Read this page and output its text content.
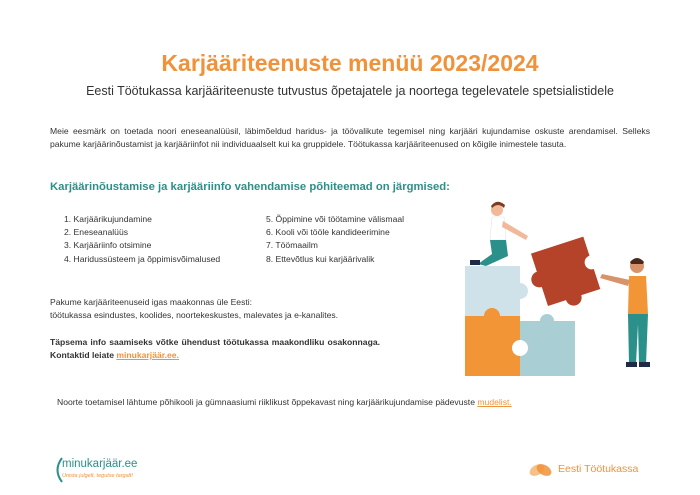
Karjääriteenuste menüü 2023/2024
Eesti Töötukassa karjääriteenuste tutvustus õpetajatele ja noortega tegelevatele spetsialistidele
Meie eesmärk on toetada noori eneseanalüüsil, läbimõeldud haridus- ja töövalikute tegemisel ning karjääri kujundamise oskuste arendamisel. Selleks pakume karjäärinõustamist ja karjääriinfot nii individuaalselt kui ka gruppidele. Töötukassa karjääriteenused on kõigile inimestele tasuta.
Karjäärinõustamise ja karjääriinfo vahendamise põhiteemad on järgmised:
1. Karjäärikujundamine
2. Eneseanalüüs
3. Karjääriinfo otsimine
4. Haridussüsteem ja õppimisvõimalused
5. Õppimine või töötamine välismaal
6. Kooli või tööle kandideerimine
7. Töömaailm
8. Ettevõtlus kui karjäärivalik
Pakume karjääriteenuseid igas maakonnas üle Eesti:
töötukassa esindustes, koolides, noortekeskustes, malevates ja e-kanalites.
Täpsema info saamiseks võtke ühendust töötukassa maakondliku osakonnaga. Kontaktid leiate minukarjäär.ee.
Noorte toetamisel lähtume põhikooli ja gümnaasiumi riiklikust õppekavast ning karjäärikujundamise pädevuste mudelist.
minukarjäär.ee
Unista julgelt, tegutse targalt!
Eesti Töötukassa
